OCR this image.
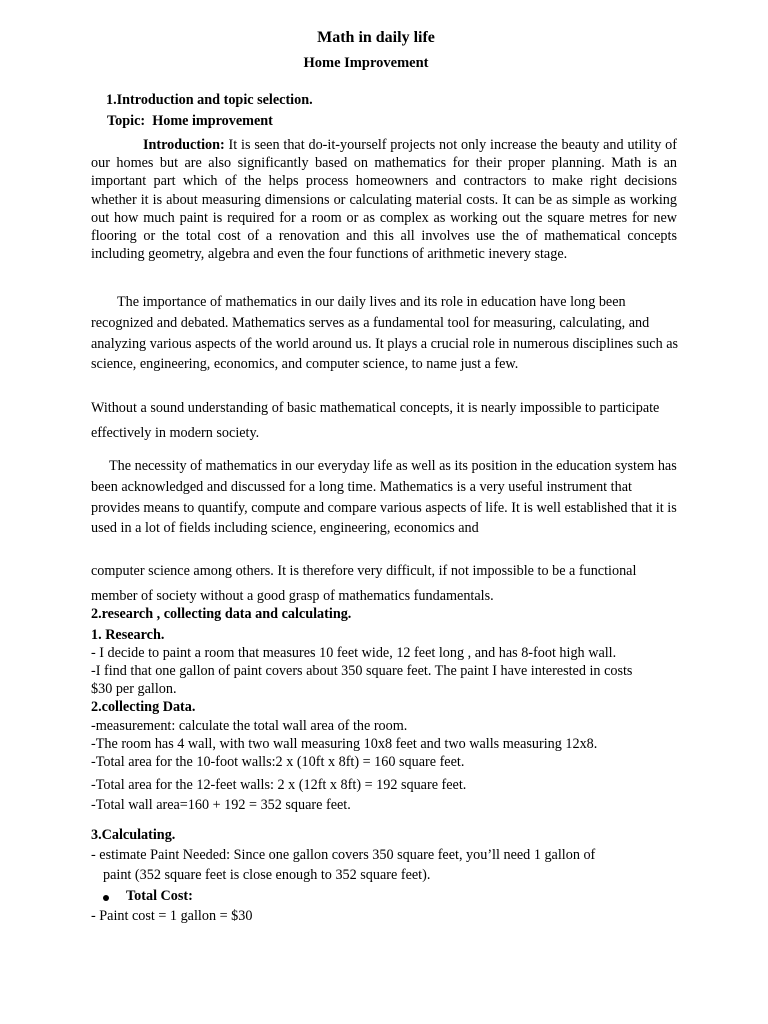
Math in daily life
Home Improvement
1.Introduction and topic selection.
Topic: Home improvement
Introduction: It is seen that do-it-yourself projects not only increase the beauty and utility of our homes but are also significantly based on mathematics for their proper planning. Math is an important part which of the helps process homeowners and contractors to make right decisions whether it is about measuring dimensions or calculating material costs. It can be as simple as working out how much paint is required for a room or as complex as working out the square metres for new flooring or the total cost of a renovation and this all involves use the of mathematical concepts including geometry, algebra and even the four functions of arithmetic inevery stage.
The importance of mathematics in our daily lives and its role in education have long been recognized and debated. Mathematics serves as a fundamental tool for measuring, calculating, and analyzing various aspects of the world around us. It plays a crucial role in numerous disciplines such as science, engineering, economics, and computer science, to name just a few.
Without a sound understanding of basic mathematical concepts, it is nearly impossible to participate effectively in modern society.
The necessity of mathematics in our everyday life as well as its position in the education system has been acknowledged and discussed for a long time. Mathematics is a very useful instrument that provides means to quantify, compute and compare various aspects of life. It is well established that it is used in a lot of fields including science, engineering, economics and
computer science among others. It is therefore very difficult, if not impossible to be a functional member of society without a good grasp of mathematics fundamentals.
2.research , collecting data and calculating.
1. Research.
- I decide to paint a room that measures 10 feet wide, 12 feet long , and has 8-foot high wall.
-I find that one gallon of paint covers about 350 square feet. The paint I have interested in costs
$30 per gallon.
2.collecting Data.
-measurement: calculate the total wall area of the room.
-The room has 4 wall, with two wall measuring 10x8 feet and two walls measuring 12x8.
-Total area for the 10-foot walls:2 x (10ft x 8ft) = 160 square feet.
-Total area for the 12-feet walls: 2 x (12ft x 8ft) = 192 square feet.
-Total wall area=160 + 192 = 352 square feet.
3.Calculating.
- estimate Paint Needed: Since one gallon covers 350 square feet, you’ll need 1 gallon of
paint (352 square feet is close enough to 352 square feet).
Total Cost:
- Paint cost = 1 gallon = $30
